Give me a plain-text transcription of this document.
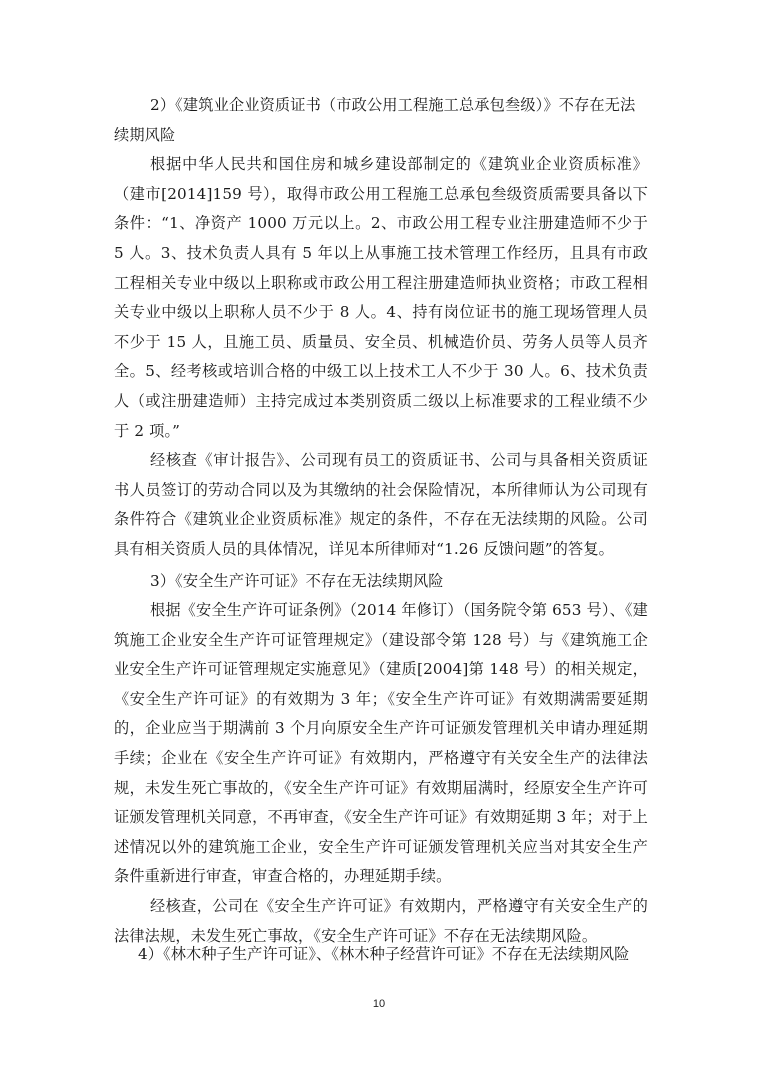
2）《建筑业企业资质证书（市政公用工程施工总承包叁级）》不存在无法续期风险

根据中华人民共和国住房和城乡建设部制定的《建筑业企业资质标准》（建市[2014]159 号），取得市政公用工程施工总承包叁级资质需要具备以下条件：“1、净资产 1000 万元以上。2、市政公用工程专业注册建造师不少于 5 人。3、技术负责人具有 5 年以上从事施工技术管理工作经历，且具有市政工程相关专业中级以上职称或市政公用工程注册建造师执业资格；市政工程相关专业中级以上职称人员不少于 8 人。4、持有岗位证书的施工现场管理人员不少于 15 人，且施工员、质量员、安全员、机械造价员、劳务人员等人员齐全。5、经考核或培训合格的中级工以上技术工人不少于 30 人。6、技术负责人（或注册建造师）主持完成过本类别资质二级以上标准要求的工程业绩不少于 2 项。”

经核查《审计报告》、公司现有员工的资质证书、公司与具备相关资质证书人员签订的劳动合同以及为其缴纳的社会保险情况，本所律师认为公司现有条件符合《建筑业企业资质标准》规定的条件，不存在无法续期的风险。公司具有相关资质人员的具体情况，详见本所律师对“1.26 反馈问题”的答复。

3）《安全生产许可证》不存在无法续期风险

根据《安全生产许可证条例》（2014 年修订）（国务院令第 653 号）、《建筑施工企业安全生产许可证管理规定》（建设部令第 128 号）与《建筑施工企业安全生产许可证管理规定实施意见》（建质[2004]第 148 号）的相关规定，《安全生产许可证》的有效期为 3 年；《安全生产许可证》有效期满需要延期的，企业应当于期满前 3 个月向原安全生产许可证颁发管理机关申请办理延期手续；企业在《安全生产许可证》有效期内，严格遵守有关安全生产的法律法规，未发生死亡事故的，《安全生产许可证》有效期届满时，经原安全生产许可证颁发管理机关同意，不再审查，《安全生产许可证》有效期延期 3 年；对于上述情况以外的建筑施工企业，安全生产许可证颁发管理机关应当对其安全生产条件重新进行审查，审查合格的，办理延期手续。

经核查，公司在《安全生产许可证》有效期内，严格遵守有关安全生产的法律法规，未发生死亡事故，《安全生产许可证》不存在无法续期风险。

4）《林木种子生产许可证》、《林木种子经营许可证》不存在无法续期风险
10
